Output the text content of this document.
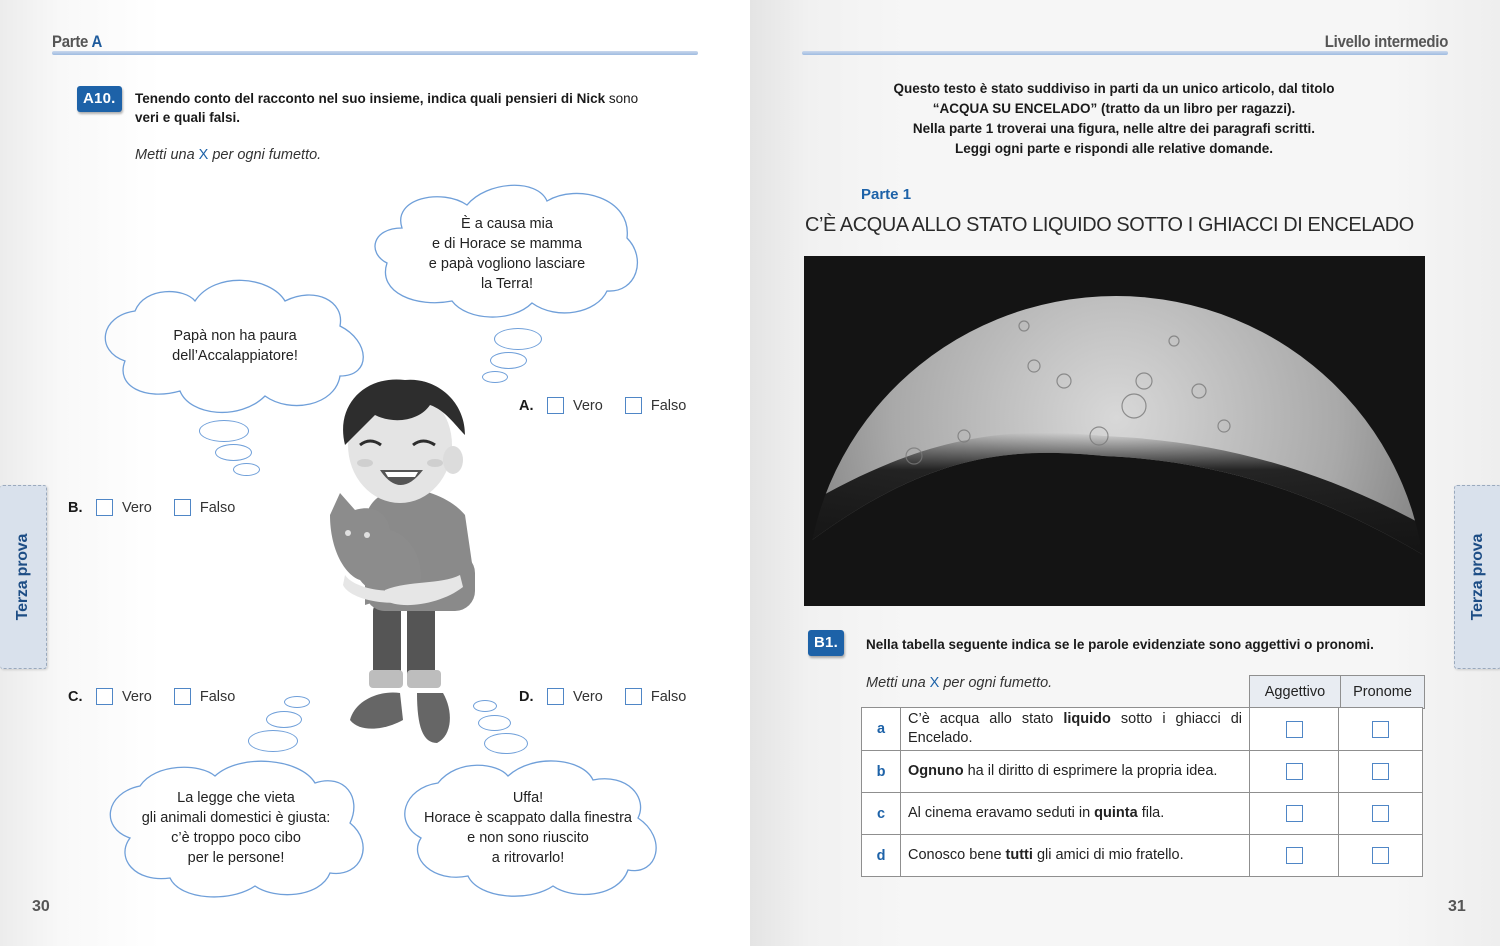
Parte A
A10.	Tenendo conto del racconto nel suo insieme, indica quali pensieri di Nick sono
veri e quali falsi.
Metti una X per ogni fumetto.
È a causa mia
e di Horace se mamma
e papà vogliono lasciare
la Terra!
Papà non ha paura
dell’Accalappiatore!
La legge che vieta
gli animali domestici è giusta:
c’è troppo poco cibo
per le persone!
Uffa!
Horace è scappato dalla finestra
e non sono riuscito
a ritrovarlo!
A.	Vero	Falso
B.	Vero	Falso
C.	Vero	Falso	D.	Vero	Falso
Terza prova
30
Livello intermedio
Terza prova
31
Questo testo è stato suddiviso in parti da un unico articolo, dal titolo
“ACQUA SU ENCELADO” (tratto da un libro per ragazzi).
Nella parte 1 troverai una figura, nelle altre dei paragrafi scritti.
Leggi ogni parte e rispondi alle relative domande.
Parte 1
C’È ACQUA ALLO STATO LIQUIDO SOTTO I GHIACCI DI ENCELADO
B1.	Nella tabella seguente indica se le parole evidenziate sono aggettivi o pronomi.
Metti una X per ogni fumetto.
Aggettivo	Pronome
a	C’è acqua allo stato liquido sotto i ghiacci di Encelado.		
b	Ognuno ha il diritto di esprimere la propria idea.		
c	Al cinema eravamo seduti in quinta fila.		
d	Conosco bene tutti gli amici di mio fratello.		
